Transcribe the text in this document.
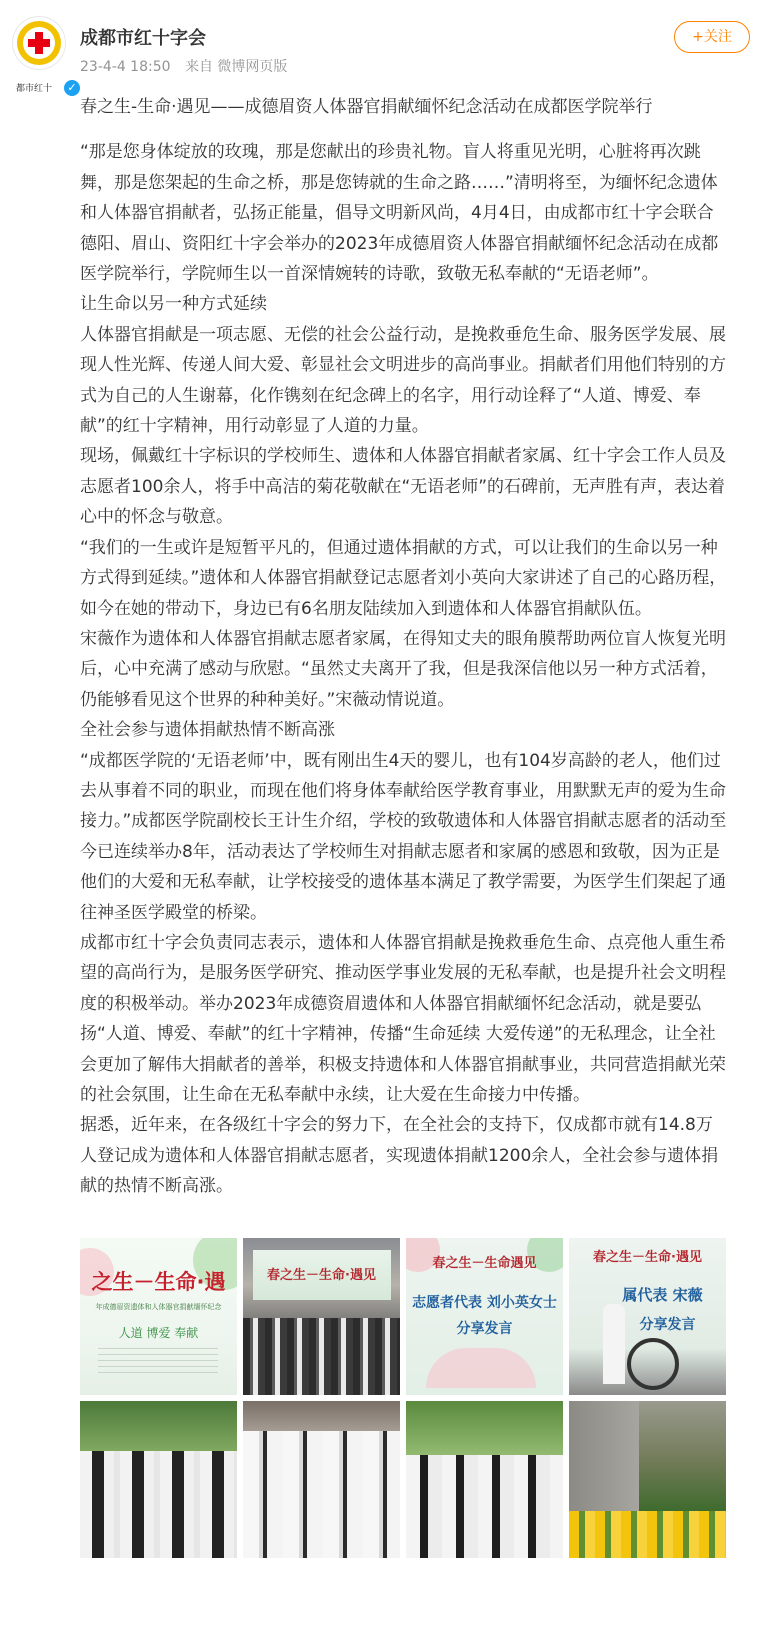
都市红十	✓
成都市红十字会
23-4-4 18:50 来自 微博网页版
+关注

春之生-生命·遇见——成德眉资人体器官捐献缅怀纪念活动在成都医学院举行

“那是您身体绽放的玫瑰，那是您献出的珍贵礼物。盲人将重见光明，心脏将再次跳舞，那是您架起的生命之桥，那是您铸就的生命之路……”清明将至，为缅怀纪念遗体和人体器官捐献者，弘扬正能量，倡导文明新风尚，4月4日，由成都市红十字会联合德阳、眉山、资阳红十字会举办的2023年成德眉资人体器官捐献缅怀纪念活动在成都医学院举行，学院师生以一首深情婉转的诗歌，致敬无私奉献的“无语老师”。

让生命以另一种方式延续

人体器官捐献是一项志愿、无偿的社会公益行动，是挽救垂危生命、服务医学发展、展现人性光辉、传递人间大爱、彰显社会文明进步的高尚事业。捐献者们用他们特别的方式为自己的人生谢幕，化作镌刻在纪念碑上的名字，用行动诠释了“人道、博爱、奉献”的红十字精神，用行动彰显了人道的力量。

现场，佩戴红十字标识的学校师生、遗体和人体器官捐献者家属、红十字会工作人员及志愿者100余人，将手中高洁的菊花敬献在“无语老师”的石碑前，无声胜有声，表达着心中的怀念与敬意。

“我们的一生或许是短暂平凡的，但通过遗体捐献的方式，可以让我们的生命以另一种方式得到延续。”遗体和人体器官捐献登记志愿者刘小英向大家讲述了自己的心路历程，如今在她的带动下，身边已有6名朋友陆续加入到遗体和人体器官捐献队伍。

宋薇作为遗体和人体器官捐献志愿者家属，在得知丈夫的眼角膜帮助两位盲人恢复光明后，心中充满了感动与欣慰。“虽然丈夫离开了我，但是我深信他以另一种方式活着，仍能够看见这个世界的种种美好。”宋薇动情说道。

全社会参与遗体捐献热情不断高涨

“成都医学院的‘无语老师’中，既有刚出生4天的婴儿，也有104岁高龄的老人，他们过去从事着不同的职业，而现在他们将身体奉献给医学教育事业，用默默无声的爱为生命接力。”成都医学院副校长王计生介绍，学校的致敬遗体和人体器官捐献志愿者的活动至今已连续举办8年，活动表达了学校师生对捐献志愿者和家属的感恩和致敬，因为正是他们的大爱和无私奉献，让学校接受的遗体基本满足了教学需要，为医学生们架起了通往神圣医学殿堂的桥梁。

成都市红十字会负责同志表示，遗体和人体器官捐献是挽救垂危生命、点亮他人重生希望的高尚行为，是服务医学研究、推动医学事业发展的无私奉献，也是提升社会文明程度的积极举动。举办2023年成德资眉遗体和人体器官捐献缅怀纪念活动，就是要弘扬“人道、博爱、奉献”的红十字精神，传播“生命延续 大爱传递”的无私理念，让全社会更加了解伟大捐献者的善举，积极支持遗体和人体器官捐献事业，共同营造捐献光荣的社会氛围，让生命在无私奉献中永续，让大爱在生命接力中传播。

据悉，近年来，在各级红十字会的努力下，在全社会的支持下，仅成都市就有14.8万人登记成为遗体和人体器官捐献志愿者，实现遗体捐献1200余人，全社会参与遗体捐献的热情不断高涨。

之生－生命·遇
年成德眉资遗体和人体器官捐献缅怀纪念
人道 博爱 奉献
春之生－生命·遇见
春之生－生命遇见
志愿者代表 刘小英女士
分享发言
春之生－生命·遇见
属代表 宋薇
分享发言
